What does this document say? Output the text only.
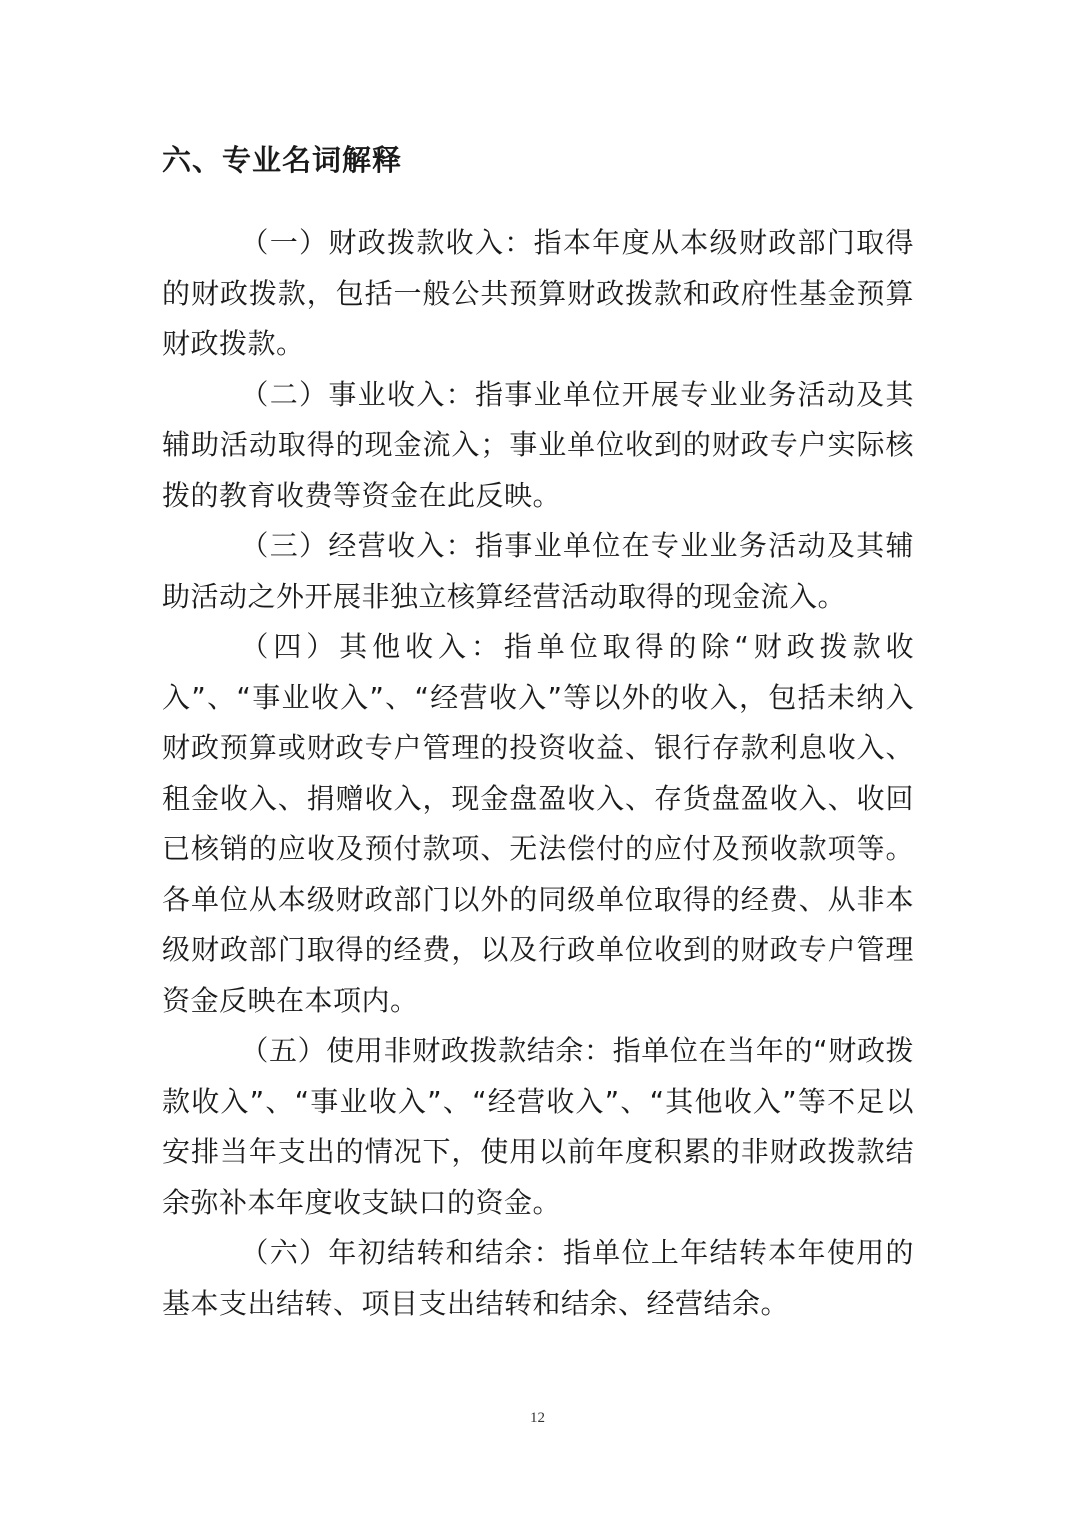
六、专业名词解释

（一）财政拨款收入：指本年度从本级财政部门取得的财政拨款，包括一般公共预算财政拨款和政府性基金预算财政拨款。

（二）事业收入：指事业单位开展专业业务活动及其辅助活动取得的现金流入；事业单位收到的财政专户实际核拨的教育收费等资金在此反映。

（三）经营收入：指事业单位在专业业务活动及其辅助活动之外开展非独立核算经营活动取得的现金流入。

（四）其他收入：指单位取得的除“财政拨款收入”、“事业收入”、“经营收入”等以外的收入，包括未纳入财政预算或财政专户管理的投资收益、银行存款利息收入、租金收入、捐赠收入，现金盘盈收入、存货盘盈收入、收回已核销的应收及预付款项、无法偿付的应付及预收款项等。各单位从本级财政部门以外的同级单位取得的经费、从非本级财政部门取得的经费，以及行政单位收到的财政专户管理资金反映在本项内。

（五）使用非财政拨款结余：指单位在当年的“财政拨款收入”、“事业收入”、“经营收入”、“其他收入”等不足以安排当年支出的情况下，使用以前年度积累的非财政拨款结余弥补本年度收支缺口的资金。

（六）年初结转和结余：指单位上年结转本年使用的基本支出结转、项目支出结转和结余、经营结余。

12
